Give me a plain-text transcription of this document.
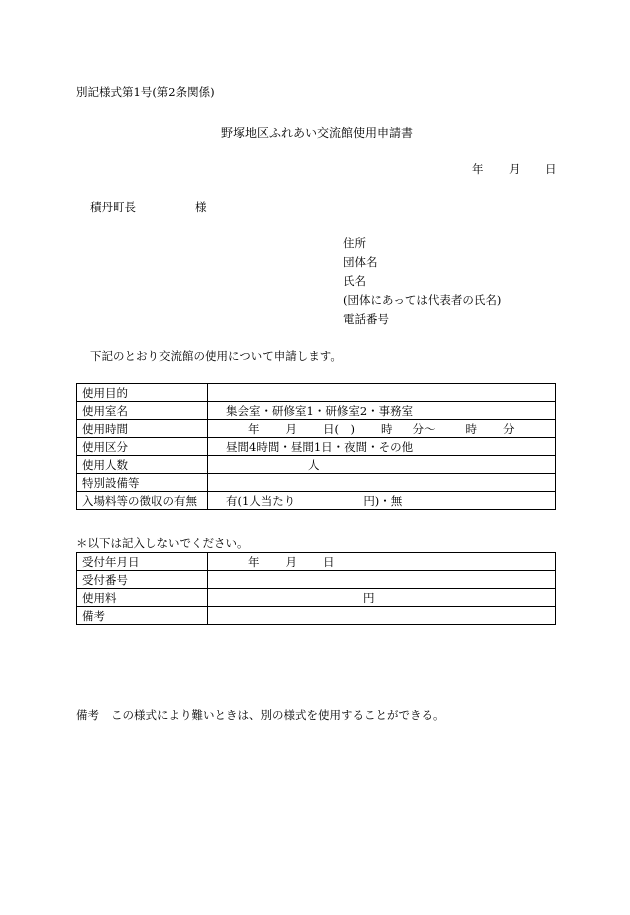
別記様式第1号(第2条関係)
野塚地区ふれあい交流館使用申請書
年 月 日
積丹町長	様
住所
団体名
氏名
(団体にあっては代表者の氏名)
電話番号
下記のとおり交流館の使用について申請します。
使用目的	
使用室名	集会室・研修室1・研修室2・事務室
使用時間	年 月 日(　) 時 分〜 時 分
使用区分	昼間4時間・昼間1日・夜間・その他
使用人数	人
特別設備等	
入場料等の徴収の有無	有(1人当たり 円)・無
＊以下は記入しないでください。
受付年月日	年 月 日
受付番号	
使用料	円
備考	
備考 この様式により難いときは、別の様式を使用することができる。
